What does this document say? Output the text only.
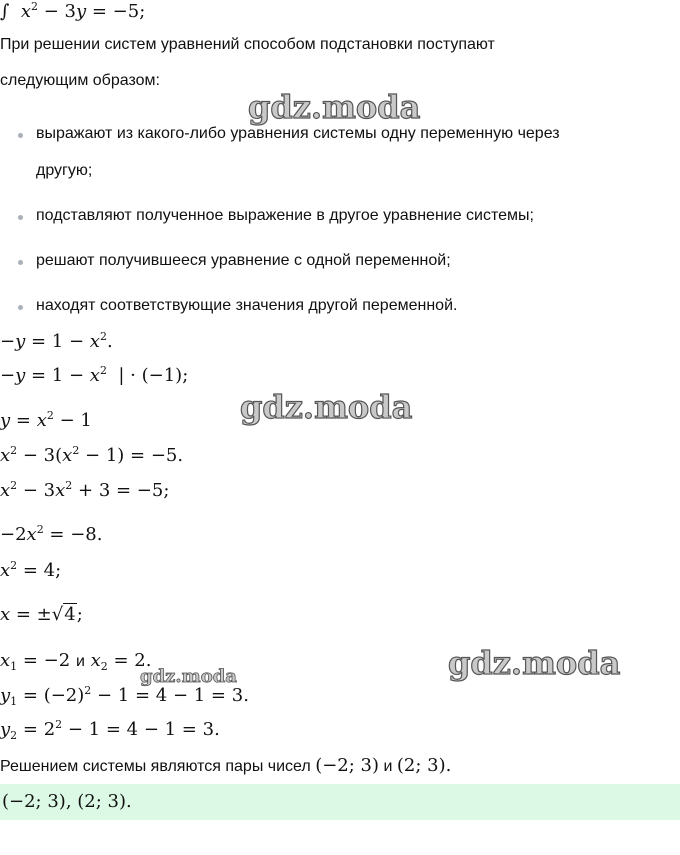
∫  $x^2 - 3y = -5$;
При решении систем уравнений способом подстановки поступают
следующим образом:
выражают из какого-либо уравнения системы одну переменную через
другую;
подставляют полученное выражение в другое уравнение системы;
решают получившееся уравнение с одной переменной;
находят соответствующие значения другой переменной.
$-y = 1 - x^2$.
$-y = 1 - x^2$  | · (−1);
$y = x^2 - 1$
$x^2 - 3(x^2 - 1) = -5$.
$x^2 - 3x^2 + 3 = -5$;
$-2x^2 = -8$.
$x^2 = 4$;
x = ±√4;
$x_1 = -2$ и $x_2 = 2$.
$y_1 = (-2)^2 - 1 = 4 - 1 = 3$.
$y_2 = 2^2 - 1 = 4 - 1 = 3$.
Решением системы являются пары чисел (−2; 3) и (2; 3).
(−2; 3), (2; 3).
gdz.moda
gdz.moda
gdz.moda
gdz.moda
